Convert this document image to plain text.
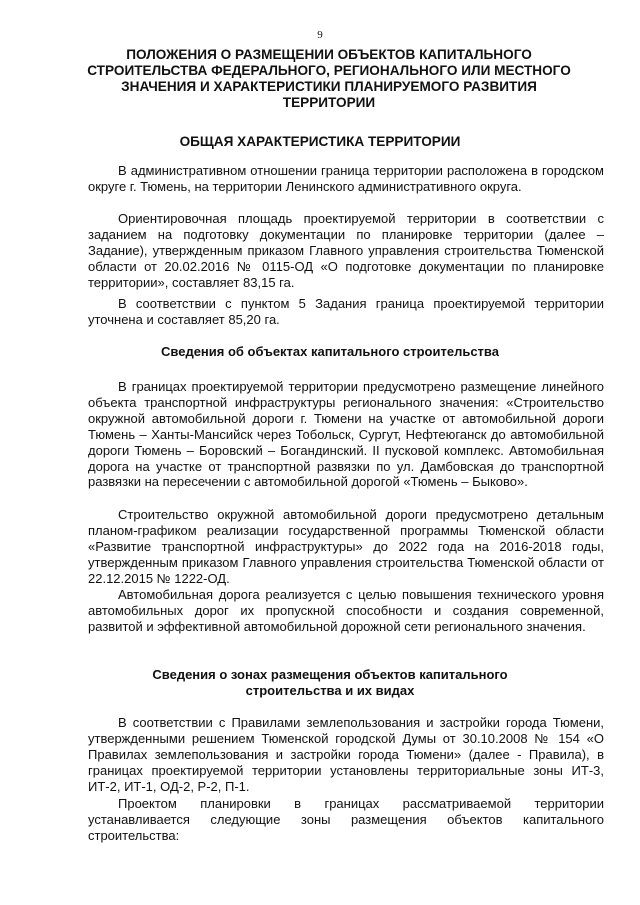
9
ПОЛОЖЕНИЯ О РАЗМЕЩЕНИИ ОБЪЕКТОВ КАПИТАЛЬНОГО СТРОИТЕЛЬСТВА ФЕДЕРАЛЬНОГО, РЕГИОНАЛЬНОГО ИЛИ МЕСТНОГО ЗНАЧЕНИЯ И ХАРАКТЕРИСТИКИ ПЛАНИРУЕМОГО РАЗВИТИЯ ТЕРРИТОРИИ
ОБЩАЯ ХАРАКТЕРИСТИКА ТЕРРИТОРИИ

В административном отношении граница территории расположена в городском округе г. Тюмень, на территории Ленинского административного округа.

Ориентировочная площадь проектируемой территории в соответствии с заданием на подготовку документации по планировке территории (далее – Задание), утвержденным приказом Главного управления строительства Тюменской области от 20.02.2016 № 0115-ОД «О подготовке документации по планировке территории», составляет 83,15 га.

В соответствии с пунктом 5 Задания граница проектируемой территории уточнена и составляет 85,20 га.

Сведения об объектах капитального строительства

В границах проектируемой территории предусмотрено размещение линейного объекта транспортной инфраструктуры регионального значения: «Строительство окружной автомобильной дороги г. Тюмени на участке от автомобильной дороги Тюмень – Ханты-Мансийск через Тобольск, Сургут, Нефтеюганск до автомобильной дороги Тюмень – Боровский – Богандинский. II пусковой комплекс. Автомобильная дорога на участке от транспортной развязки по ул. Дамбовская до транспортной развязки на пересечении с автомобильной дорогой «Тюмень – Быково».

Строительство окружной автомобильной дороги предусмотрено детальным планом-графиком реализации государственной программы Тюменской области «Развитие транспортной инфраструктуры» до 2022 года на 2016-2018 годы, утвержденным приказом Главного управления строительства Тюменской области от 22.12.2015 № 1222-ОД.

Автомобильная дорога реализуется с целью повышения технического уровня автомобильных дорог их пропускной способности и создания современной, развитой и эффективной автомобильной дорожной сети регионального значения.

Сведения о зонах размещения объектов капитального
строительства и их видах

В соответствии с Правилами землепользования и застройки города Тюмени, утвержденными решением Тюменской городской Думы от 30.10.2008 № 154 «О Правилах землепользования и застройки города Тюмени» (далее - Правила), в границах проектируемой территории установлены территориальные зоны ИТ-3, ИТ-2, ИТ-1, ОД-2, Р-2, П-1.

Проектом планировки в границах рассматриваемой территории устанавливается следующие зоны размещения объектов капитального строительства:
